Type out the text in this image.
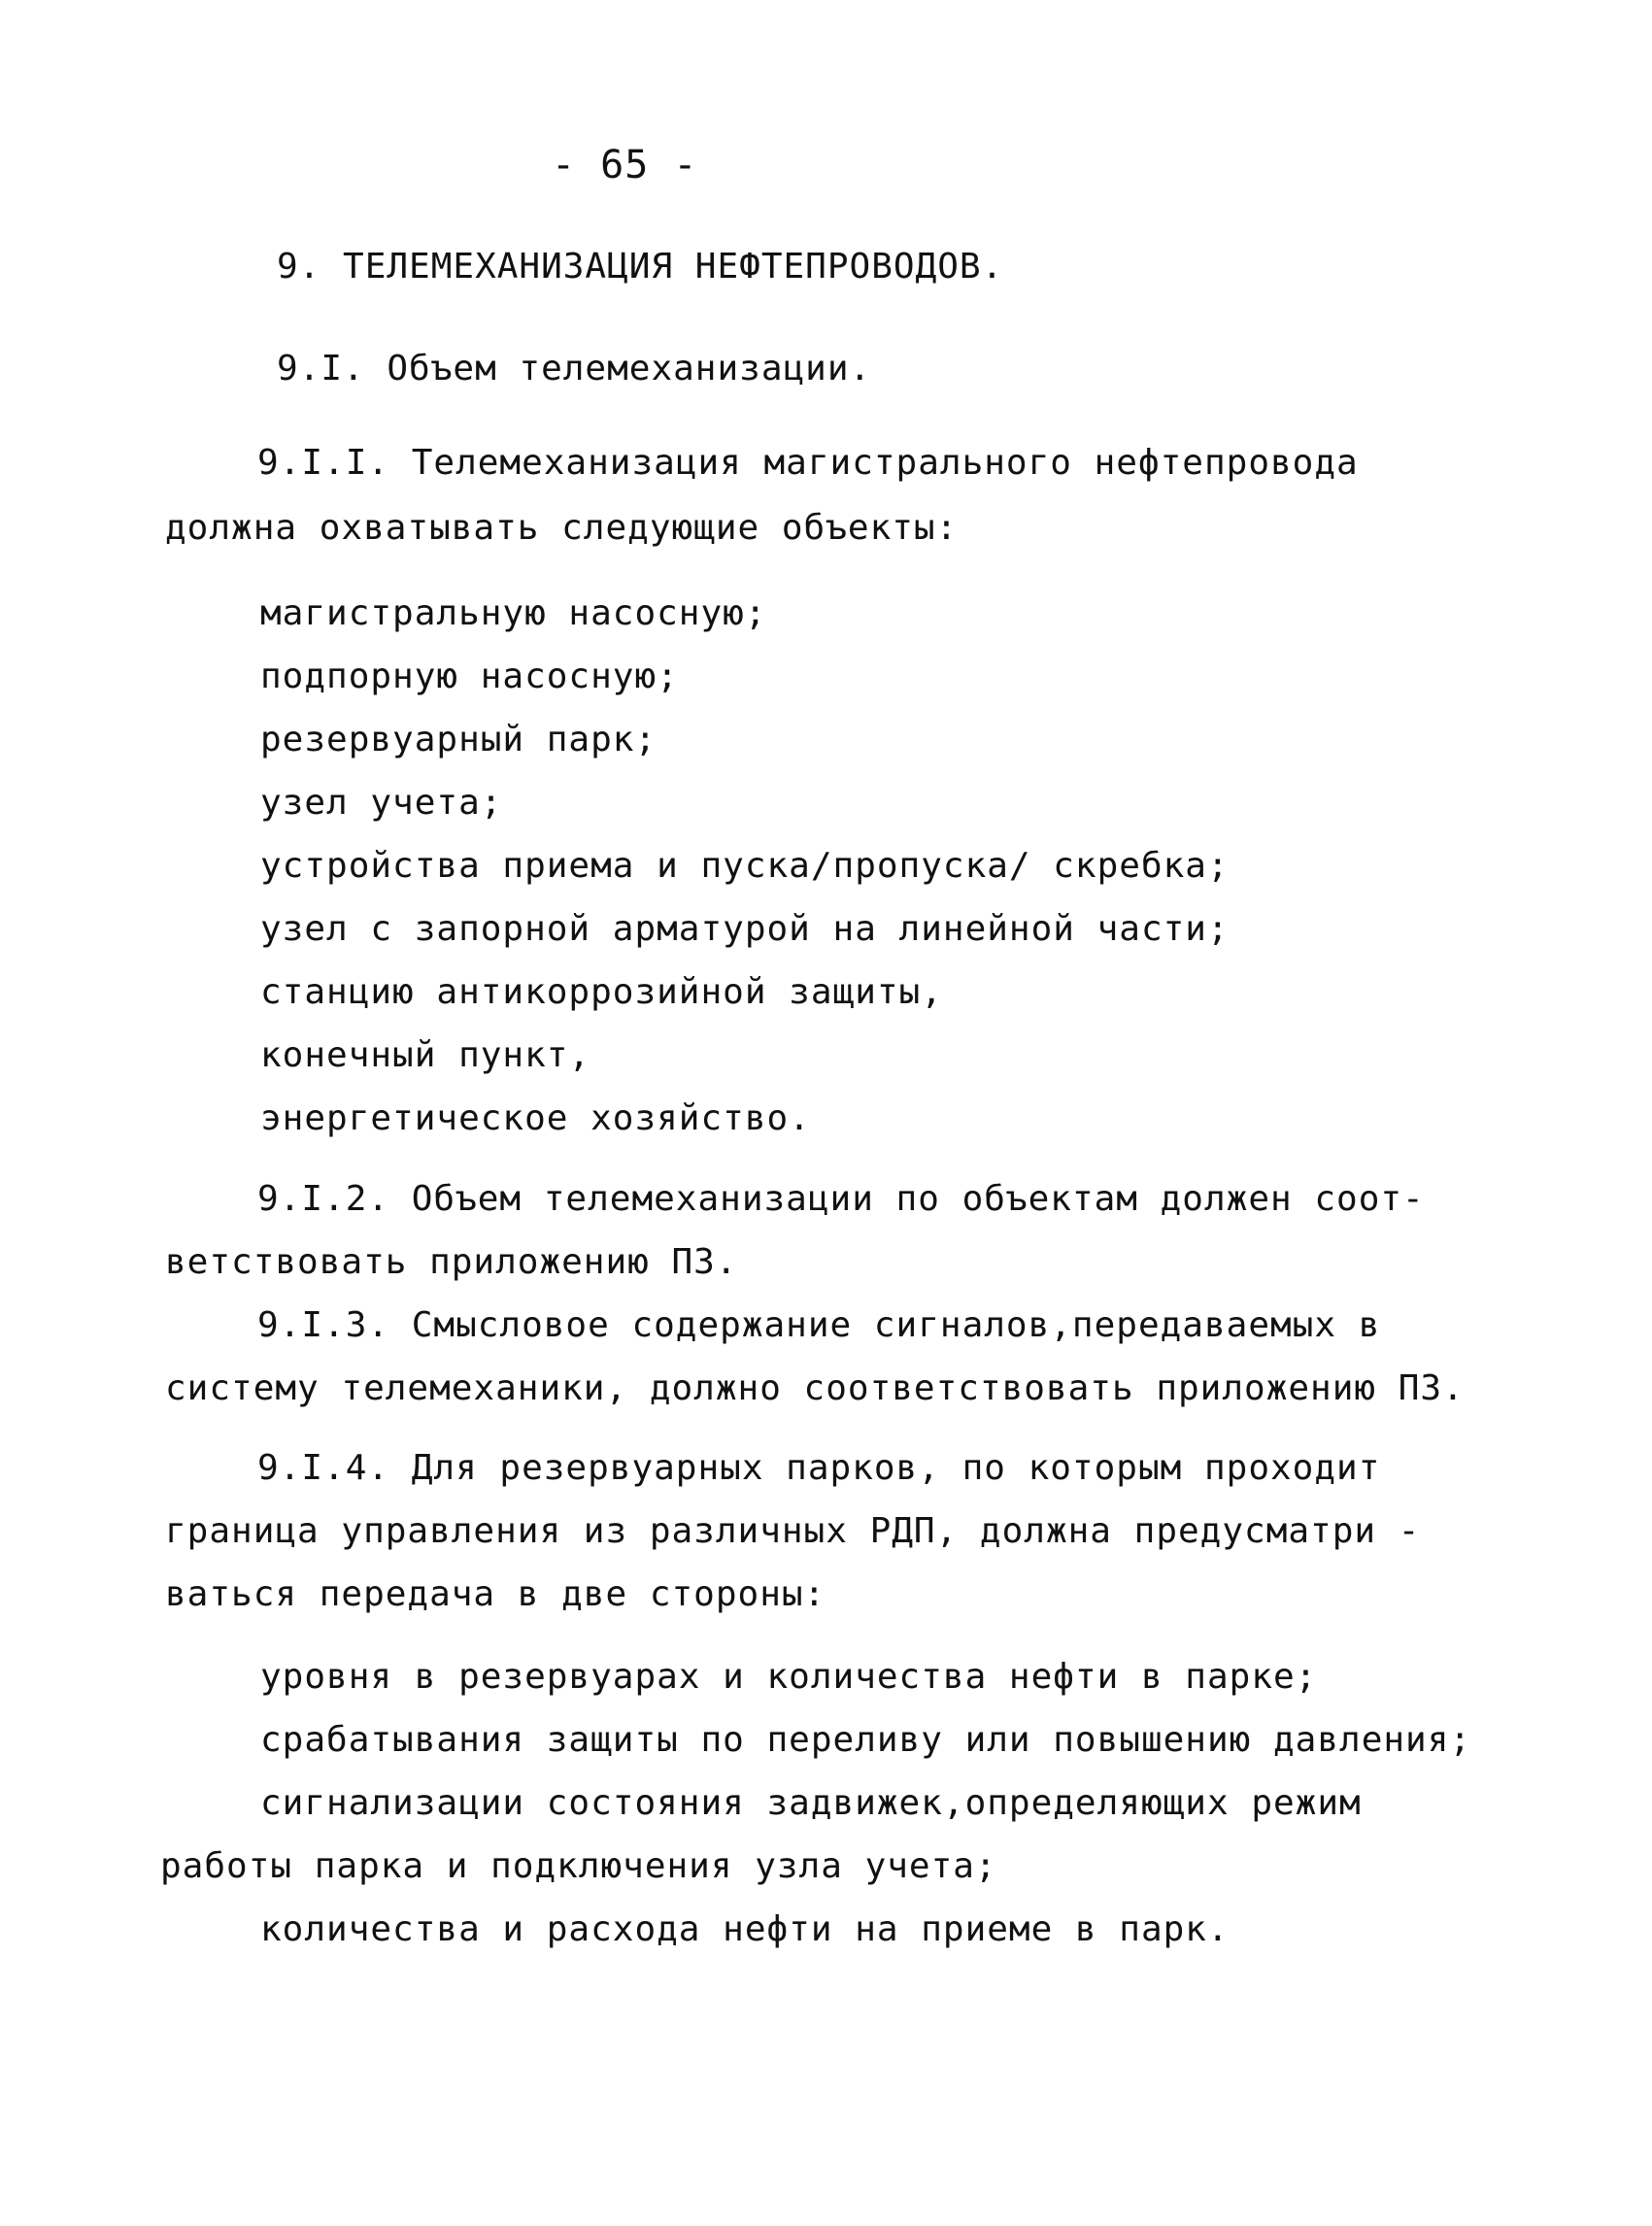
- 65 -
9. ТЕЛЕМЕХАНИЗАЦИЯ НЕФТЕПРОВОДОВ.
9.I. Объем телемеханизации.
9.I.I. Телемеханизация магистрального нефтепровода
должна охватывать следующие объекты:
магистральную насосную;
подпорную насосную;
резервуарный парк;
узел учета;
устройства приема и пуска/пропуска/ скребка;
узел с запорной арматурой на линейной части;
станцию антикоррозийной защиты,
конечный пункт,
энергетическое хозяйство.
9.I.2. Объем телемеханизации по объектам должен соот-
ветствовать приложению ПЗ.
9.I.3. Смысловое содержание сигналов,передаваемых в
систему телемеханики, должно соответствовать приложению ПЗ.
9.I.4. Для резервуарных парков, по которым проходит
граница управления из различных РДП, должна предусматри -
ваться передача в две стороны:
уровня в резервуарах и количества нефти в парке;
срабатывания защиты по переливу или повышению давления;
сигнализации состояния задвижек,определяющих режим
работы парка и подключения узла учета;
количества и расхода нефти на приеме в парк.
